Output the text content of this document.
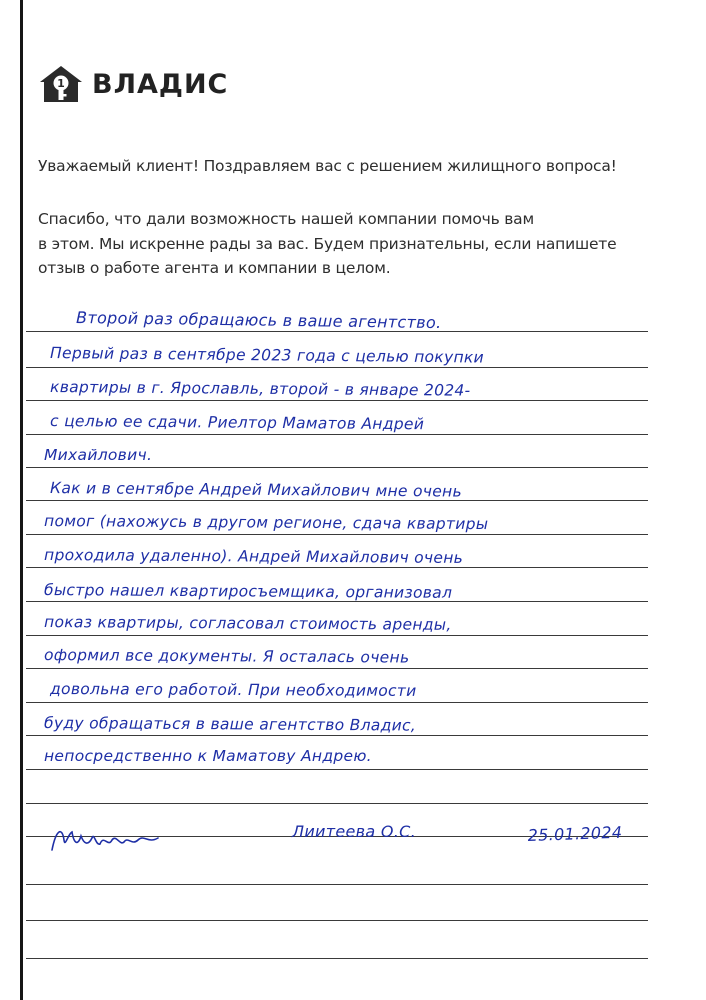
1 ВЛАДИС
Уважаемый клиент! Поздравляем вас с решением жилищного вопроса!
Спасибо, что дали возможность нашей компании помочь вам
в этом. Мы искренне рады за вас. Будем признательны, если напишете
отзыв о работе агента и компании в целом.
Второй раз обращаюсь в ваше агентство.
Первый раз в сентябре 2023 года с целью покупки
квартиры в г. Ярославль, второй - в январе 2024-
с целью ее сдачи. Риелтор Маматов Андрей
Михайлович.
Как и в сентябре Андрей Михайлович мне очень
помог (нахожусь в другом регионе, сдача квартиры
проходила удаленно). Андрей Михайлович очень
быстро нашел квартиросъемщика, организовал
показ квартиры, согласовал стоимость аренды,
оформил все документы. Я осталась очень
довольна его работой. При необходимости
буду обращаться в ваше агентство Владис,
непосредственно к Маматову Андрею.
Лиитеева О.С.	25.01.2024
